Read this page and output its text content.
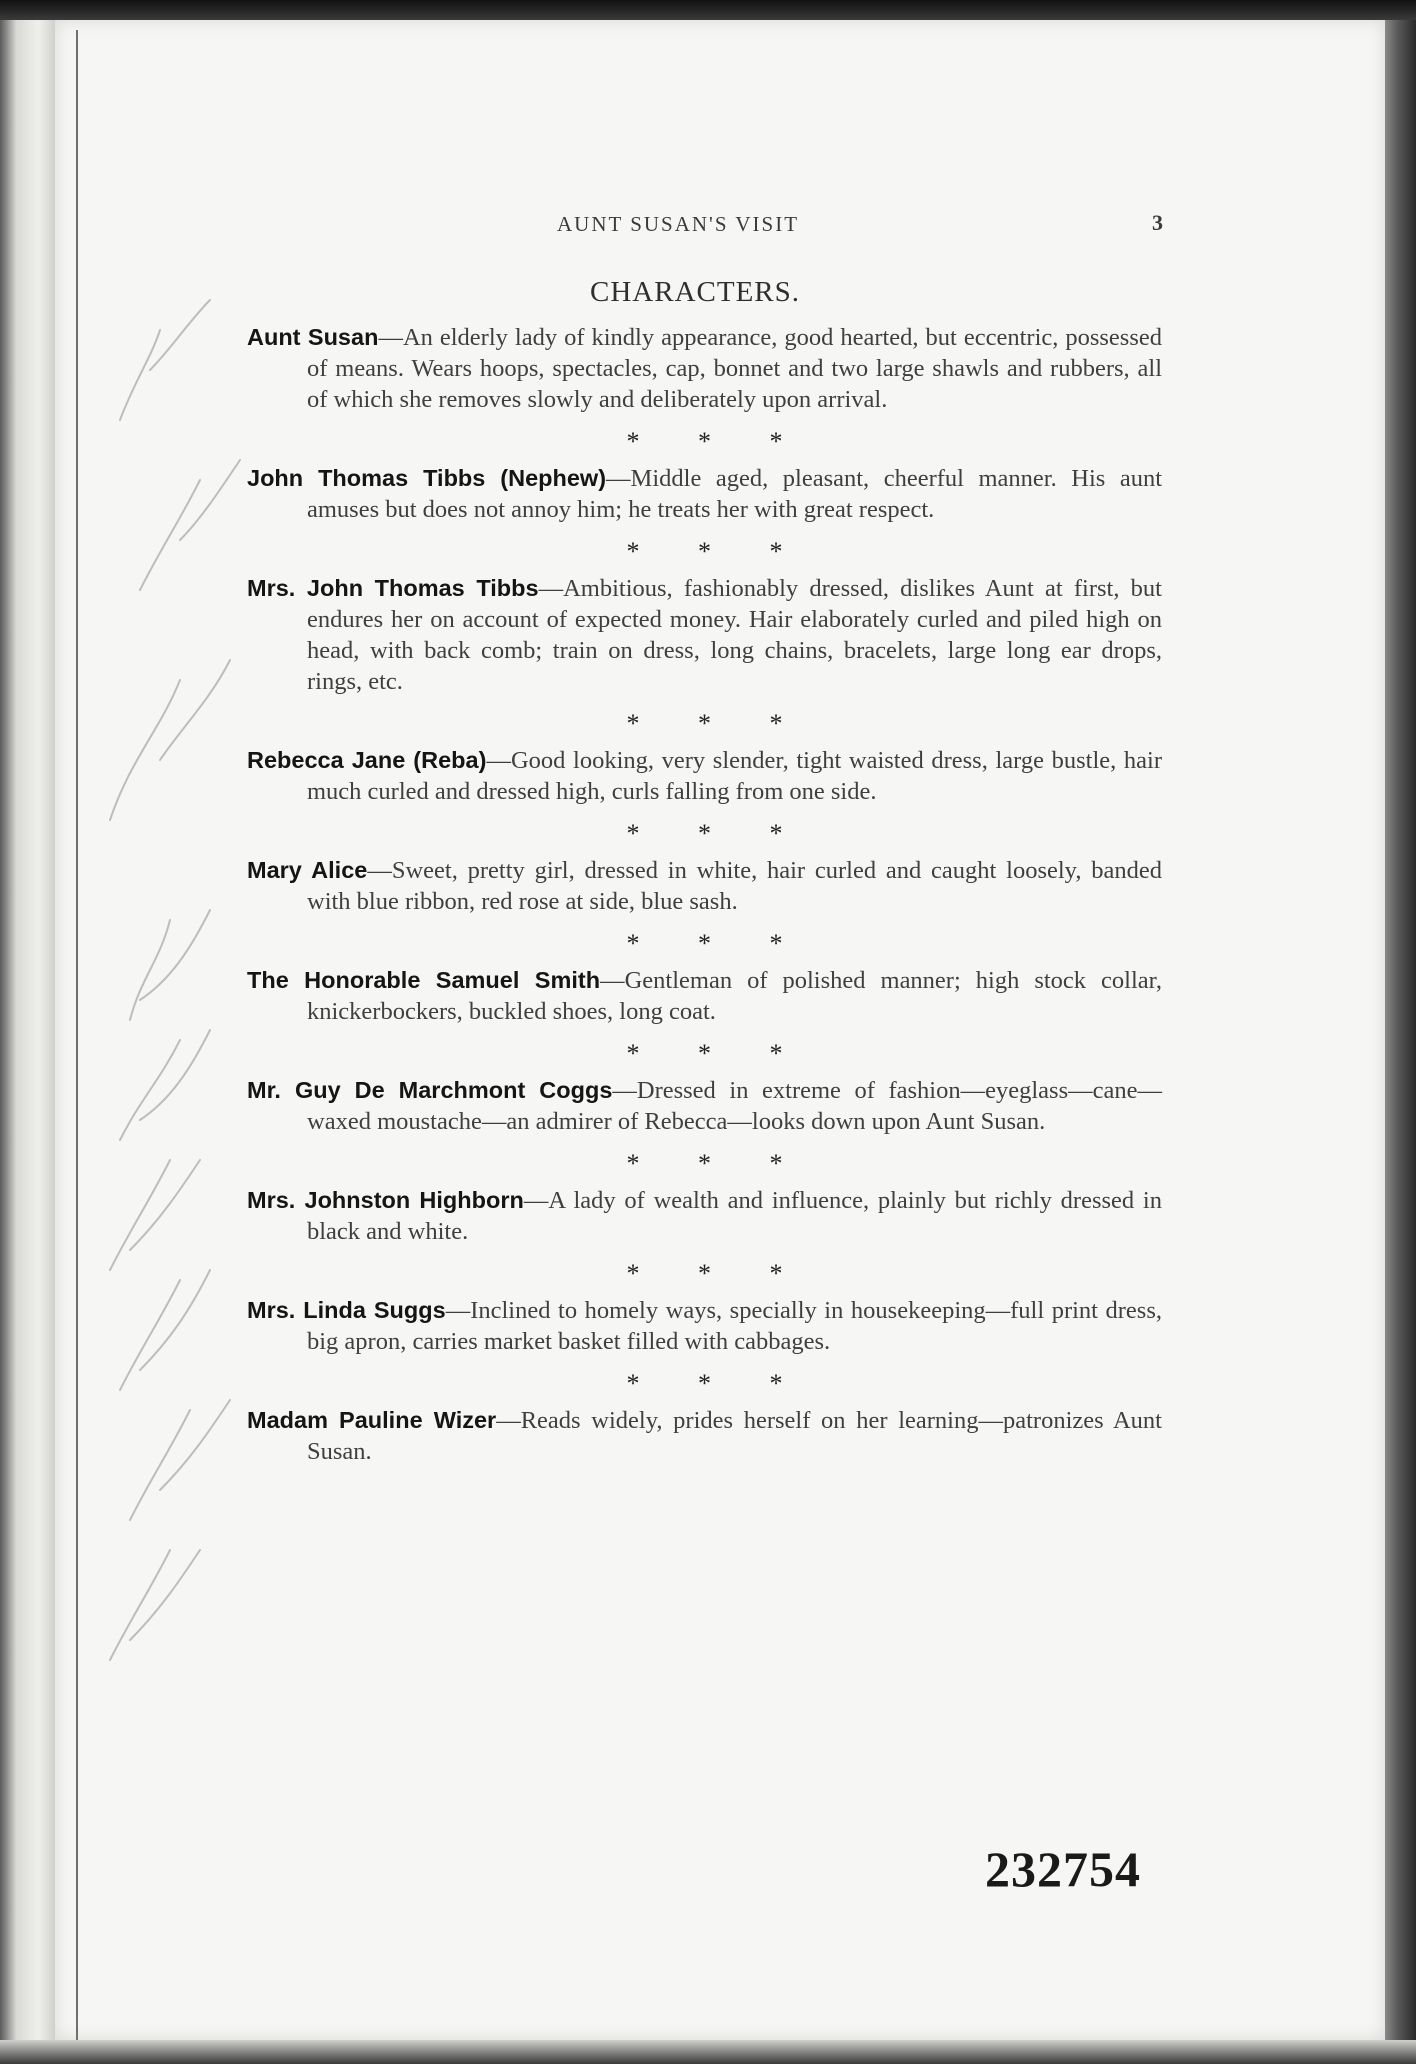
AUNT SUSAN'S VISIT	3
CHARACTERS.

Aunt Susan—An elderly lady of kindly appearance, good hearted, but eccentric, possessed of means. Wears hoops, spectacles, cap, bonnet and two large shawls and rubbers, all of which she removes slowly and deliberately upon arrival.

* * *

John Thomas Tibbs (Nephew)—Middle aged, pleasant, cheerful manner. His aunt amuses but does not annoy him; he treats her with great respect.

* * *

Mrs. John Thomas Tibbs—Ambitious, fashionably dressed, dislikes Aunt at first, but endures her on account of expected money. Hair elaborately curled and piled high on head, with back comb; train on dress, long chains, bracelets, large long ear drops, rings, etc.

* * *

Rebecca Jane (Reba)—Good looking, very slender, tight waisted dress, large bustle, hair much curled and dressed high, curls falling from one side.

* * *

Mary Alice—Sweet, pretty girl, dressed in white, hair curled and caught loosely, banded with blue ribbon, red rose at side, blue sash.

* * *

The Honorable Samuel Smith—Gentleman of polished manner; high stock collar, knickerbockers, buckled shoes, long coat.

* * *

Mr. Guy De Marchmont Coggs—Dressed in extreme of fashion—eyeglass—cane—waxed moustache—an admirer of Rebecca—looks down upon Aunt Susan.

* * *

Mrs. Johnston Highborn—A lady of wealth and influence, plainly but richly dressed in black and white.

* * *

Mrs. Linda Suggs—Inclined to homely ways, specially in housekeeping—full print dress, big apron, carries market basket filled with cabbages.

* * *

Madam Pauline Wizer—Reads widely, prides herself on her learning—patronizes Aunt Susan.

232754
